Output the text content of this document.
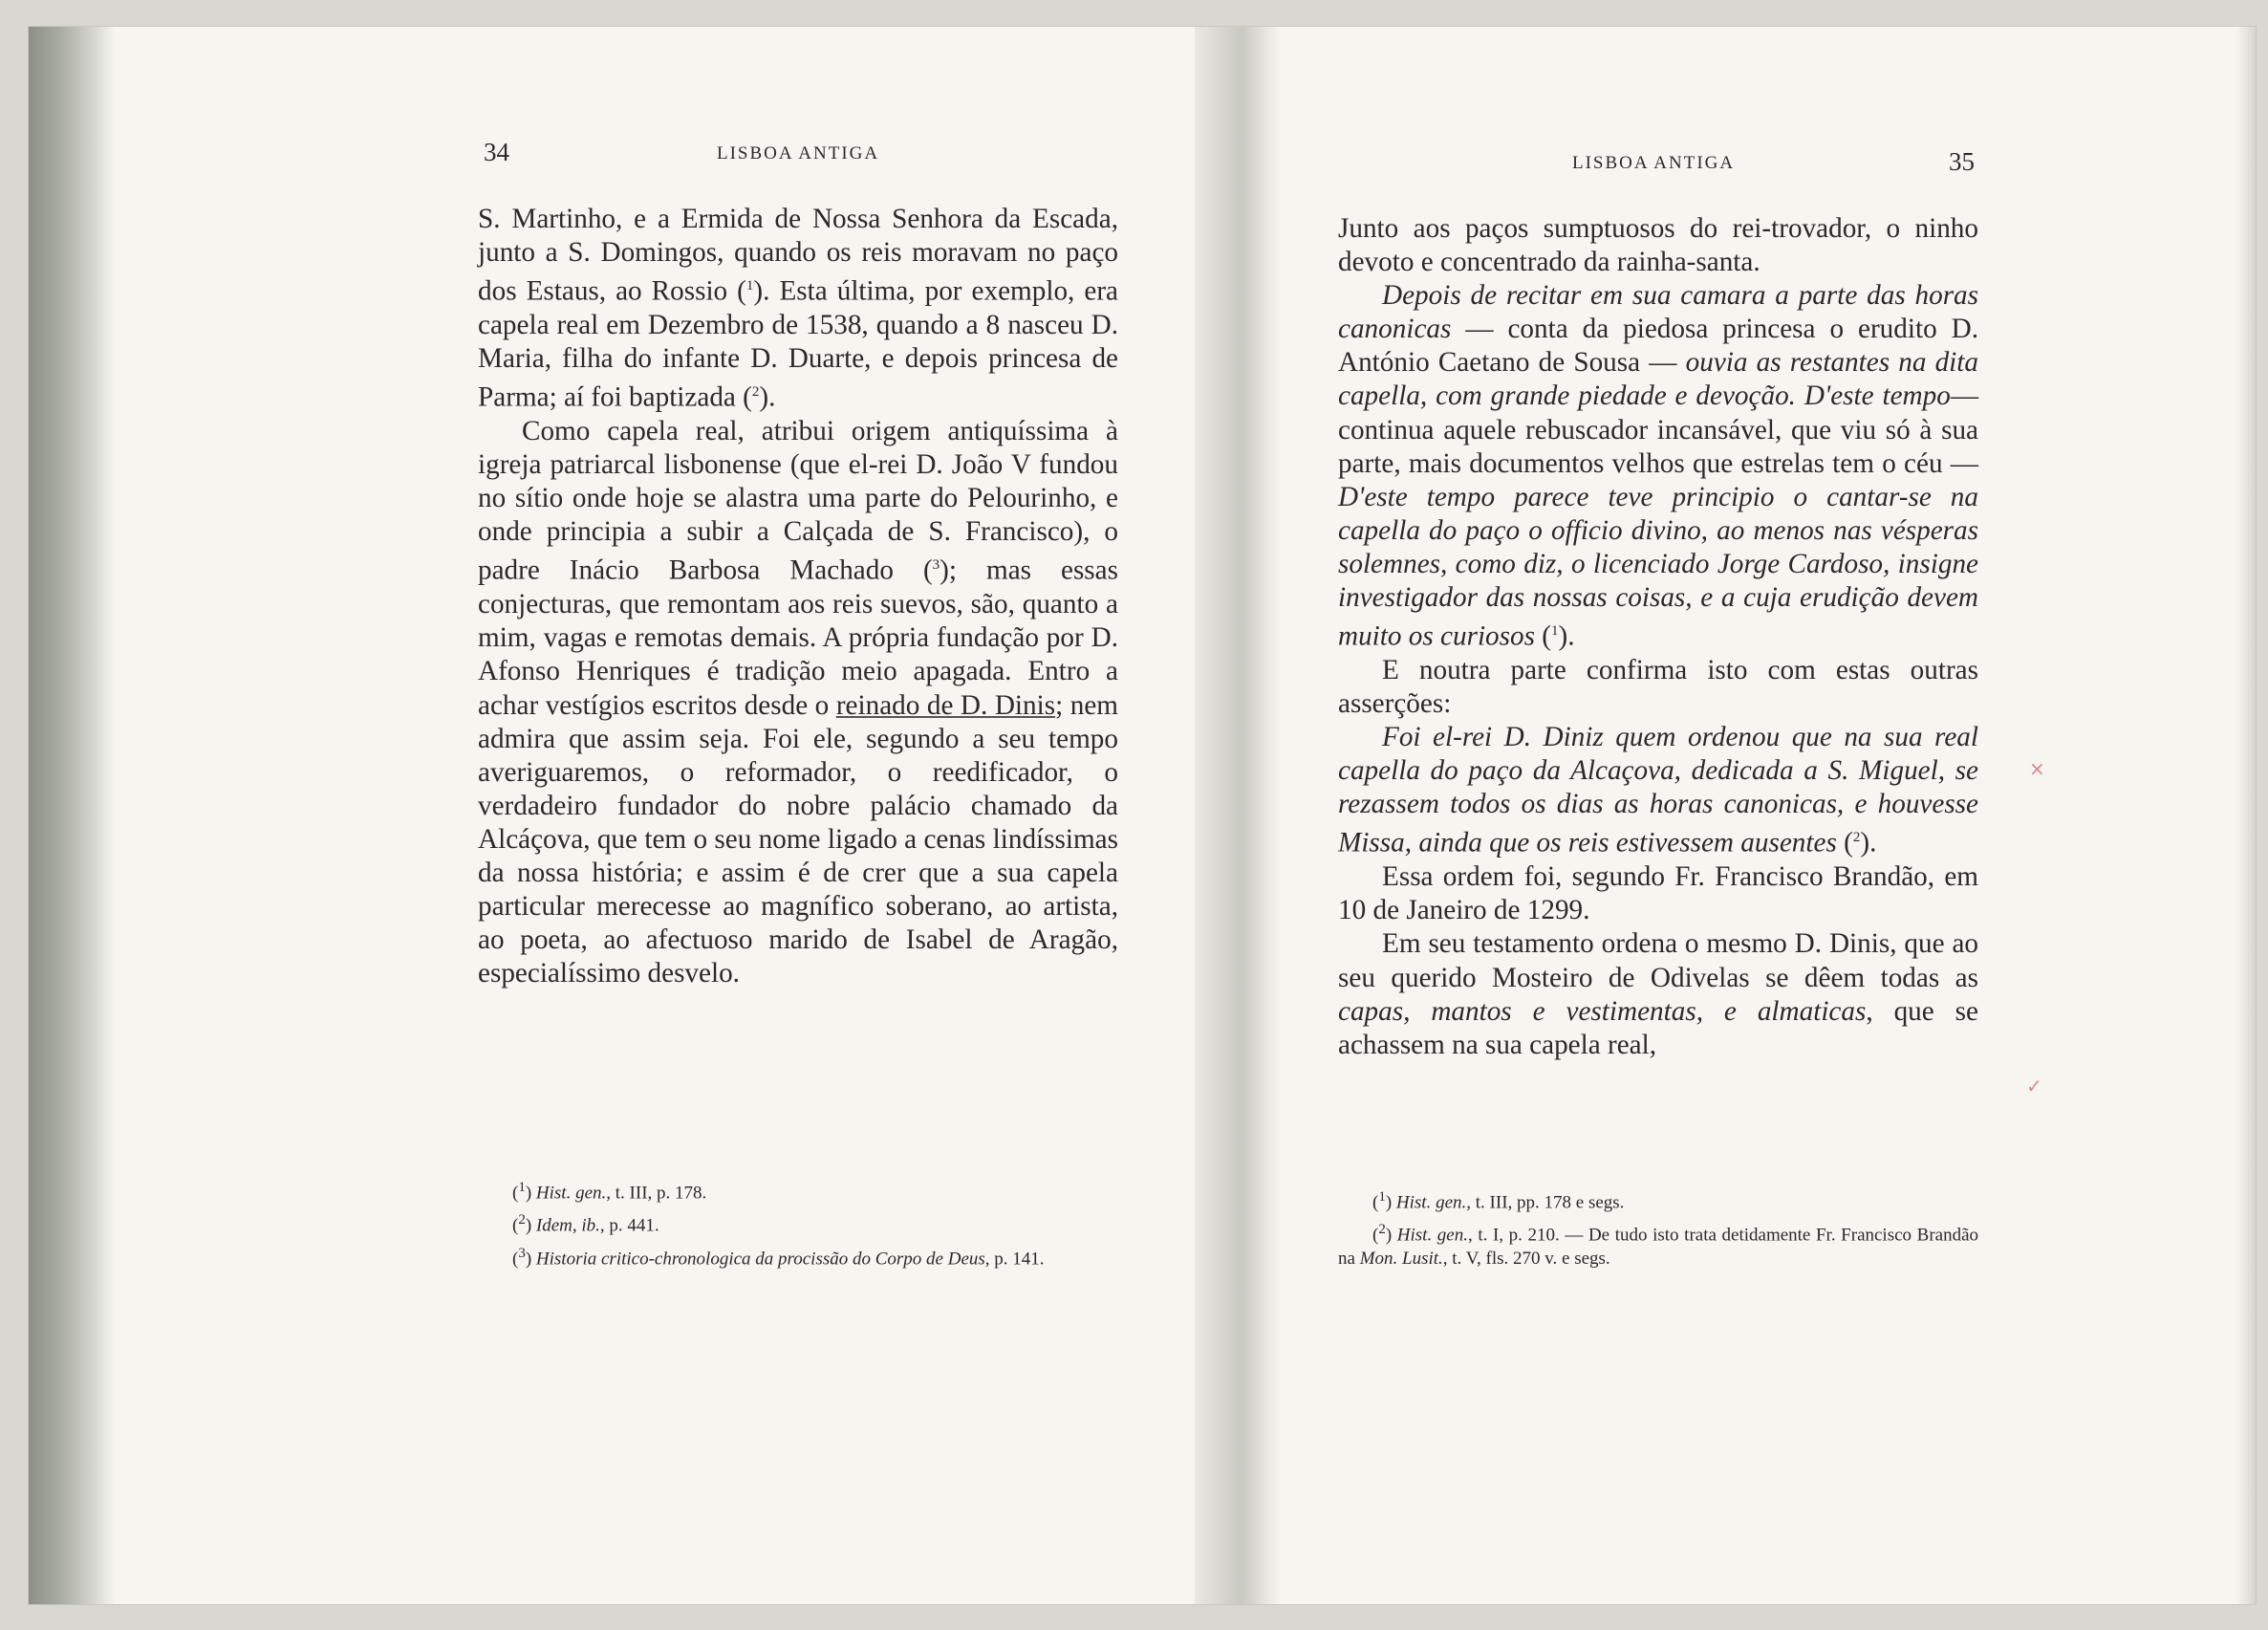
34	LISBOA ANTIGA

S. Martinho, e a Ermida de Nossa Senhora da Escada, junto a S. Domingos, quando os reis moravam no paço dos Estaus, ao Rossio ($^1$). Esta última, por exemplo, era capela real em Dezembro de 1538, quando a 8 nasceu D. Maria, filha do infante D. Duarte, e depois princesa de Parma; aí foi baptizada ($^2$).

Como capela real, atribui origem antiquíssima à igreja patriarcal lisbonense (que el-rei D. João V fundou no sítio onde hoje se alastra uma parte do Pelourinho, e onde principia a subir a Calçada de S. Francisco), o padre Inácio Barbosa Machado ($^3$); mas essas conjecturas, que remontam aos reis suevos, são, quanto a mim, vagas e remotas demais. A própria fundação por D. Afonso Henriques é tradição meio apagada. Entro a achar vestígios escritos desde o reinado de D. Dinis; nem admira que assim seja. Foi ele, segundo a seu tempo averiguaremos, o reformador, o reedificador, o verdadeiro fundador do nobre palácio chamado da Alcáçova, que tem o seu nome ligado a cenas lindíssimas da nossa história; e assim é de crer que a sua capela particular merecesse ao magnífico soberano, ao artista, ao poeta, ao afectuoso marido de Isabel de Aragão, especialíssimo desvelo.

($^1$) Hist. gen., t. III, p. 178.

($^2$) Idem, ib., p. 441.

($^3$) Historia critico-chronologica da procissão do Corpo de Deus, p. 141.

LISBOA ANTIGA	35

Junto aos paços sumptuosos do rei-trovador, o ninho devoto e concentrado da rainha-santa.

Depois de recitar em sua camara a parte das horas canonicas — conta da piedosa princesa o erudito D. António Caetano de Sousa — ouvia as restantes na dita capella, com grande piedade e devoção. D'este tempo—continua aquele rebuscador incansável, que viu só à sua parte, mais documentos velhos que estrelas tem o céu — D'este tempo parece teve principio o cantar-se na capella do paço o officio divino, ao menos nas vésperas solemnes, como diz, o licenciado Jorge Cardoso, insigne investigador das nossas coisas, e a cuja erudição devem muito os curiosos ($^1$).

E noutra parte confirma isto com estas outras asserções:

Foi el-rei D. Diniz quem ordenou que na sua real capella do paço da Alcaçova, dedicada a S. Miguel, se rezassem todos os dias as horas canonicas, e houvesse Missa, ainda que os reis estivessem ausentes ($^2$).

Essa ordem foi, segundo Fr. Francisco Brandão, em 10 de Janeiro de 1299.

Em seu testamento ordena o mesmo D. Dinis, que ao seu querido Mosteiro de Odivelas se dêem todas as capas, mantos e vestimentas, e almaticas, que se achassem na sua capela real,

($^1$) Hist. gen., t. III, pp. 178 e segs.

($^2$) Hist. gen., t. I, p. 210. — De tudo isto trata detidamente Fr. Francisco Brandão na Mon. Lusit., t. V, fls. 270 v. e segs.

×
✓
